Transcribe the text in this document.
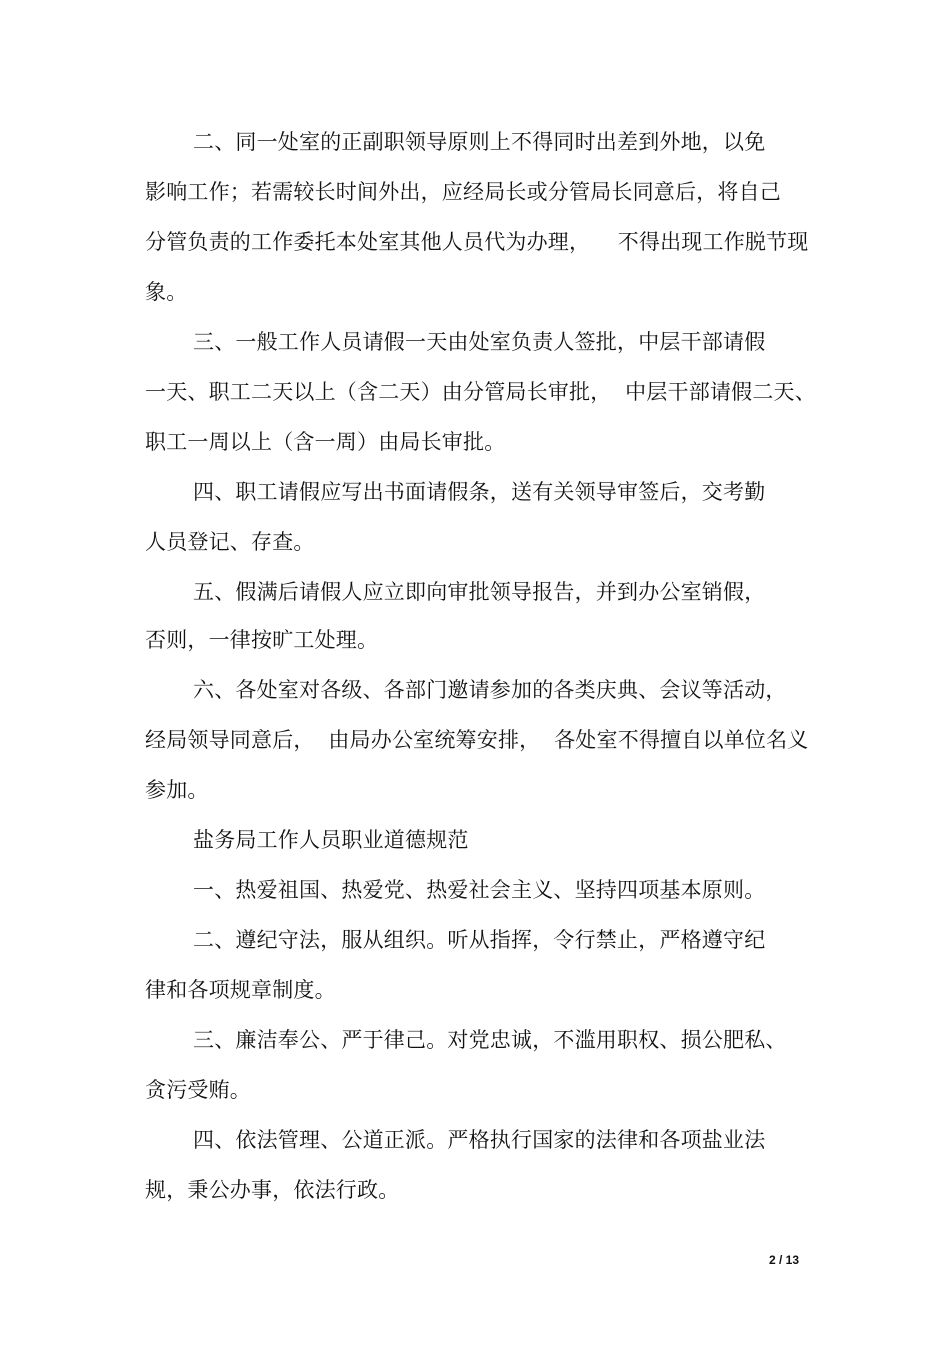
二、同一处室的正副职领导原则上不得同时出差到外地，以免
影响工作；若需较长时间外出，应经局长或分管局长同意后，将自己
分管负责的工作委托本处室其他人员代为办理，    不得出现工作脱节现
象。
三、一般工作人员请假一天由处室负责人签批，中层干部请假
一天、职工二天以上（含二天）由分管局长审批，  中层干部请假二天、
职工一周以上（含一周）由局长审批。
四、职工请假应写出书面请假条，送有关领导审签后，交考勤
人员登记、存查。
五、假满后请假人应立即向审批领导报告，并到办公室销假，
否则，一律按旷工处理。
六、各处室对各级、各部门邀请参加的各类庆典、会议等活动，
经局领导同意后，  由局办公室统筹安排，  各处室不得擅自以单位名义
参加。
盐务局工作人员职业道德规范
一、热爱祖国、热爱党、热爱社会主义、坚持四项基本原则。
二、遵纪守法，服从组织。听从指挥，令行禁止，严格遵守纪
律和各项规章制度。
三、廉洁奉公、严于律己。对党忠诚，不滥用职权、损公肥私、
贪污受贿。
四、依法管理、公道正派。严格执行国家的法律和各项盐业法
规，秉公办事，依法行政。
2 / 13
